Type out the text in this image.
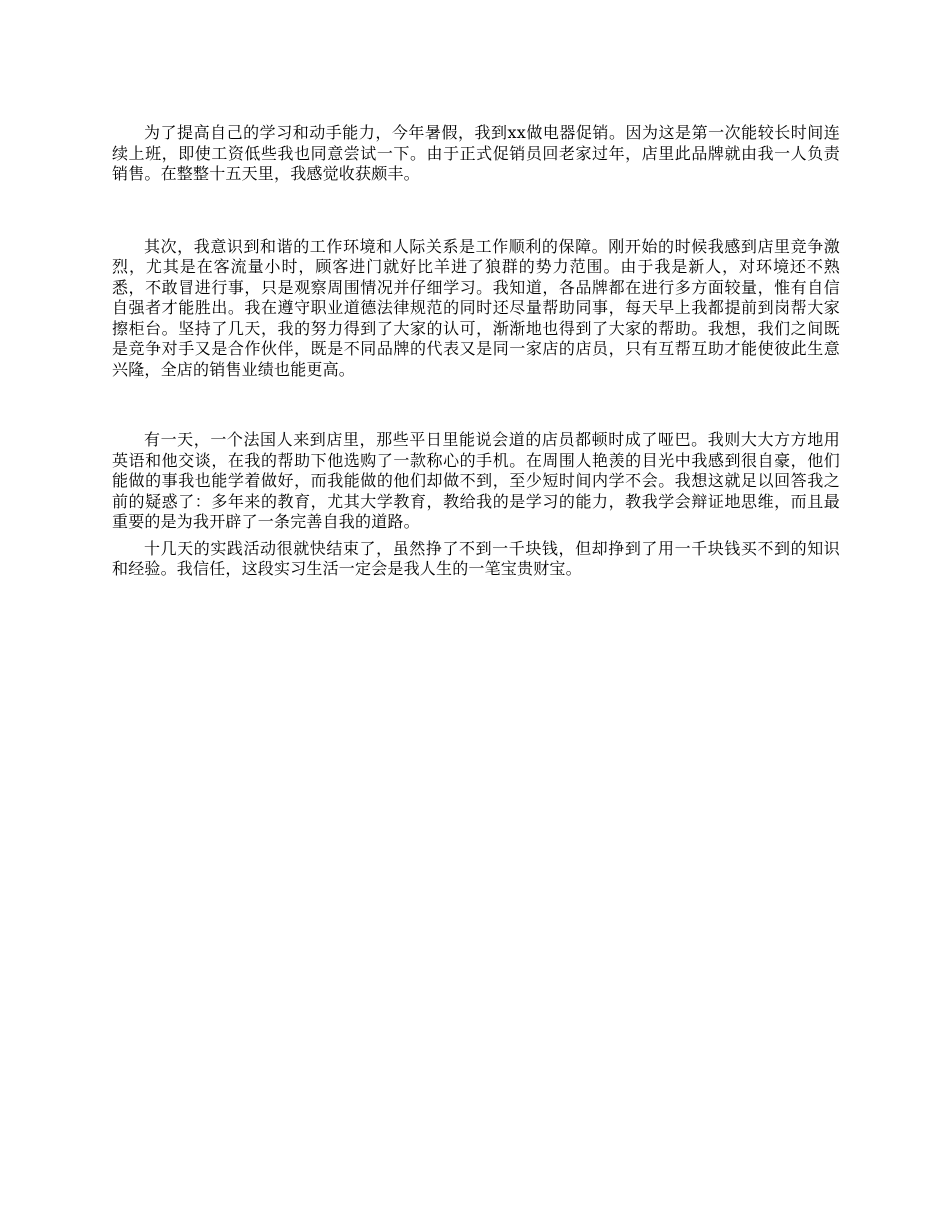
为了提高自己的学习和动手能力，今年暑假，我到xx做电器促销。因为这是第一次能较长时间连续上班，即使工资低些我也同意尝试一下。由于正式促销员回老家过年，店里此品牌就由我一人负责销售。在整整十五天里，我感觉收获颇丰。

其次，我意识到和谐的工作环境和人际关系是工作顺利的保障。刚开始的时候我感到店里竞争激烈，尤其是在客流量小时，顾客进门就好比羊进了狼群的势力范围。由于我是新人，对环境还不熟悉，不敢冒进行事，只是观察周围情况并仔细学习。我知道，各品牌都在进行多方面较量，惟有自信自强者才能胜出。我在遵守职业道德法律规范的同时还尽量帮助同事，每天早上我都提前到岗帮大家擦柜台。坚持了几天，我的努力得到了大家的认可，渐渐地也得到了大家的帮助。我想，我们之间既是竞争对手又是合作伙伴，既是不同品牌的代表又是同一家店的店员，只有互帮互助才能使彼此生意兴隆，全店的销售业绩也能更高。

有一天，一个法国人来到店里，那些平日里能说会道的店员都顿时成了哑巴。我则大大方方地用英语和他交谈，在我的帮助下他选购了一款称心的手机。在周围人艳羡的目光中我感到很自豪，他们能做的事我也能学着做好，而我能做的他们却做不到，至少短时间内学不会。我想这就足以回答我之前的疑惑了：多年来的教育，尤其大学教育，教给我的是学习的能力，教我学会辩证地思维，而且最重要的是为我开辟了一条完善自我的道路。

十几天的实践活动很就快结束了，虽然挣了不到一千块钱，但却挣到了用一千块钱买不到的知识和经验。我信任，这段实习生活一定会是我人生的一笔宝贵财宝。
